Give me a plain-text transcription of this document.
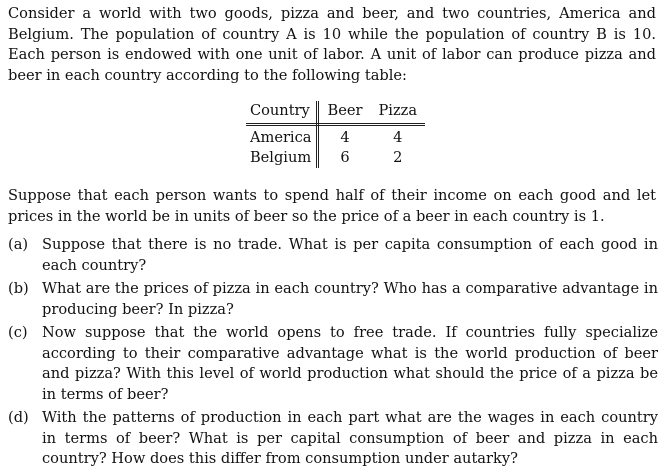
Consider a world with two goods, pizza and beer, and two countries, America and Belgium. The population of country A is 10 while the population of country B is 10. Each person is endowed with one unit of labor. A unit of labor can produce pizza and beer in each country according to the following table:

Country	Beer	Pizza
America	4	4
Belgium	6	2

Suppose that each person wants to spend half of their income on each good and let prices in the world be in units of beer so the price of a beer in each country is 1.

(a) Suppose that there is no trade. What is per capita consumption of each good in each country?
(b) What are the prices of pizza in each country? Who has a comparative advantage in producing beer? In pizza?
(c) Now suppose that the world opens to free trade. If countries fully specialize according to their comparative advantage what is the world production of beer and pizza? With this level of world production what should the price of a pizza be in terms of beer?
(d) With the patterns of production in each part what are the wages in each country in terms of beer? What is per capital consumption of beer and pizza in each country? How does this differ from consumption under autarky?
